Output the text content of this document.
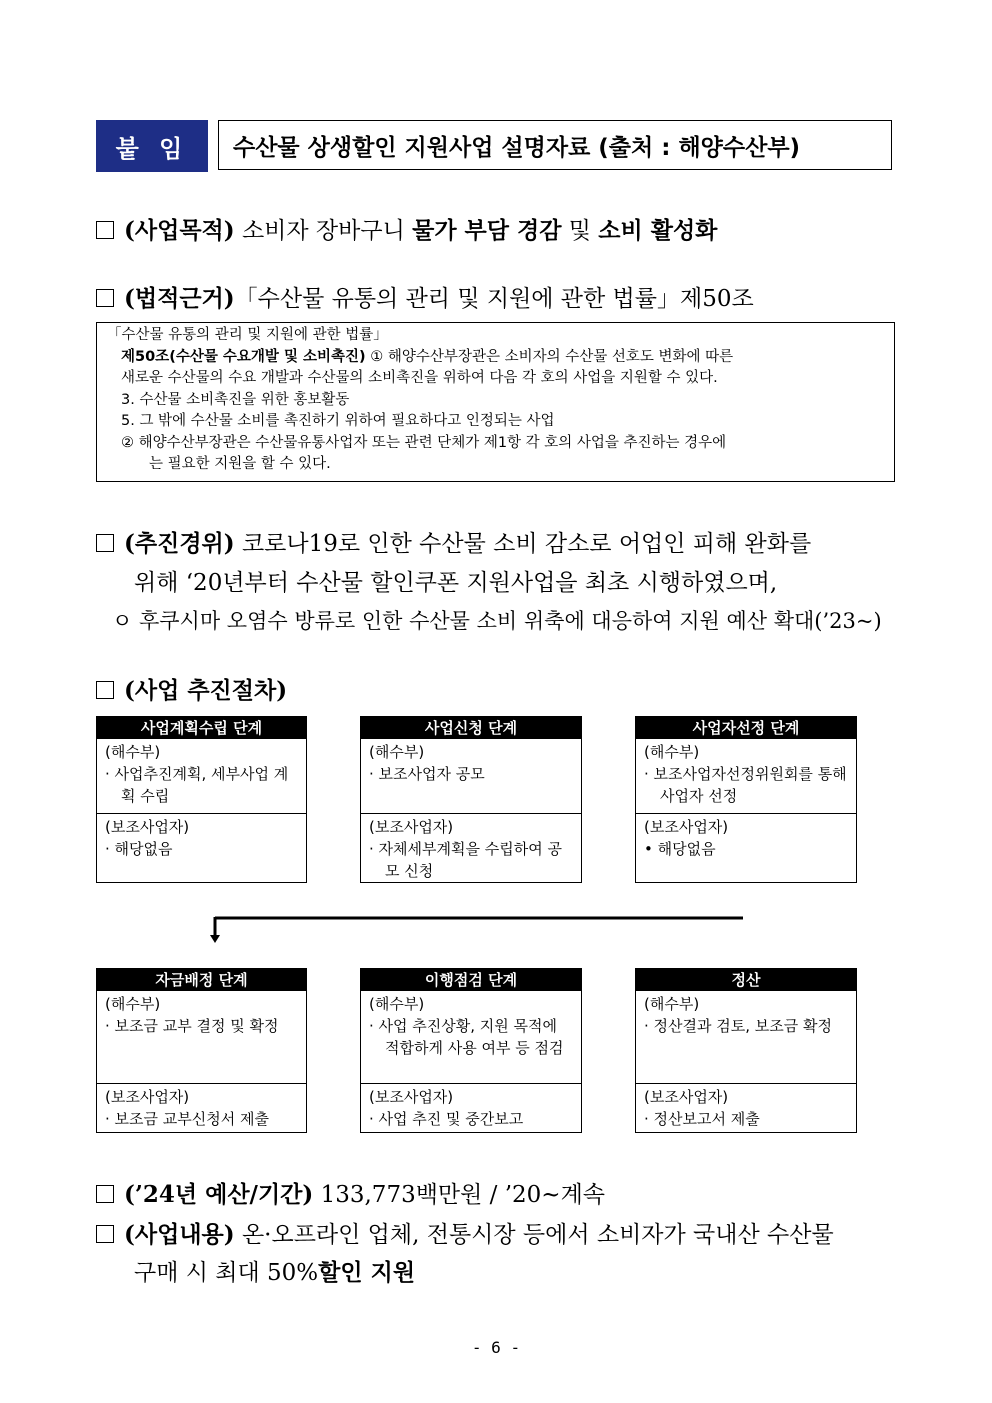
붙 임	수산물 상생할인 지원사업 설명자료 (출처 : 해양수산부)
(사업목적) 소비자 장바구니 물가 부담 경감 및 소비 활성화
(법적근거)「수산물 유통의 관리 및 지원에 관한 법률」제50조
「수산물 유통의 관리 및 지원에 관한 법률」
제50조(수산물 수요개발 및 소비촉진) ① 해양수산부장관은 소비자의 수산물 선호도 변화에 따른
새로운 수산물의 수요 개발과 수산물의 소비촉진을 위하여 다음 각 호의 사업을 지원할 수 있다.
3. 수산물 소비촉진을 위한 홍보활동
5. 그 밖에 수산물 소비를 촉진하기 위하여 필요하다고 인정되는 사업
② 해양수산부장관은 수산물유통사업자 또는 관련 단체가 제1항 각 호의 사업을 추진하는 경우에
는 필요한 지원을 할 수 있다.
(추진경위) 코로나19로 인한 수산물 소비 감소로 어업인 피해 완화를
위해 ‘20년부터 수산물 할인쿠폰 지원사업을 최초 시행하였으며,
ㅇ 후쿠시마 오염수 방류로 인한 수산물 소비 위축에 대응하여 지원 예산 확대(’23~)
(사업 추진절차)
사업계획수립 단계
(해수부)
· 사업추진계획, 세부사업 계획 수립
(보조사업자)
· 해당없음
사업신청 단계
(해수부)
· 보조사업자 공모
(보조사업자)
· 자체세부계획을 수립하여 공모 신청
사업자선정 단계
(해수부)
· 보조사업자선정위원회를 통해 사업자 선정
(보조사업자)
• 해당없음
자금배정 단계
(해수부)
· 보조금 교부 결정 및 확정
(보조사업자)
· 보조금 교부신청서 제출
이행점검 단계
(해수부)
· 사업 추진상황, 지원 목적에 적합하게 사용 여부 등 점검
(보조사업자)
· 사업 추진 및 중간보고
정산
(해수부)
· 정산결과 검토, 보조금 확정
(보조사업자)
· 정산보고서 제출
(’24년 예산/기간) 133,773백만원 / ’20~계속
(사업내용) 온·오프라인 업체, 전통시장 등에서 소비자가 국내산 수산물
구매 시 최대 50%할인 지원
- 6 -
